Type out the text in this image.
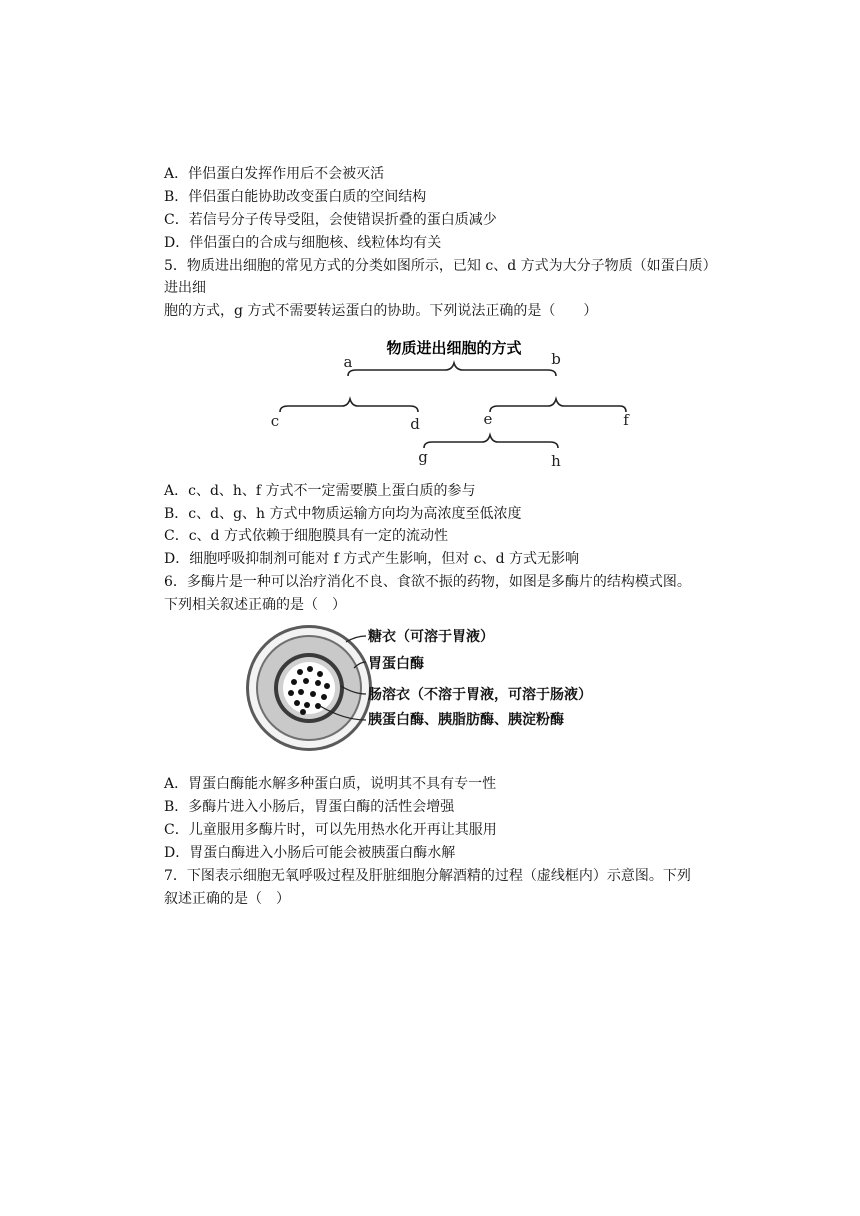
A．伴侣蛋白发挥作用后不会被灭活
B．伴侣蛋白能协助改变蛋白质的空间结构
C．若信号分子传导受阻，会使错误折叠的蛋白质减少
D．伴侣蛋白的合成与细胞核、线粒体均有关
5．物质进出细胞的常见方式的分类如图所示，已知 c、d 方式为大分子物质（如蛋白质）
进出细
胞的方式，g 方式不需要转运蛋白的协助。下列说法正确的是（　　）
物质进出细胞的方式
a	b
c	d	e	f
g	h
A．c、d、h、f 方式不一定需要膜上蛋白质的参与
B．c、d、g、h 方式中物质运输方向均为高浓度至低浓度
C．c、d 方式依赖于细胞膜具有一定的流动性
D．细胞呼吸抑制剂可能对 f 方式产生影响，但对 c、d 方式无影响
6．多酶片是一种可以治疗消化不良、食欲不振的药物，如图是多酶片的结构模式图。
下列相关叙述正确的是（　）
糖衣（可溶于胃液）
胃蛋白酶
肠溶衣（不溶于胃液，可溶于肠液）
胰蛋白酶、胰脂肪酶、胰淀粉酶
A．胃蛋白酶能水解多种蛋白质，说明其不具有专一性
B．多酶片进入小肠后，胃蛋白酶的活性会增强
C．儿童服用多酶片时，可以先用热水化开再让其服用
D．胃蛋白酶进入小肠后可能会被胰蛋白酶水解
7．下图表示细胞无氧呼吸过程及肝脏细胞分解酒精的过程（虚线框内）示意图。下列
叙述正确的是（　）
